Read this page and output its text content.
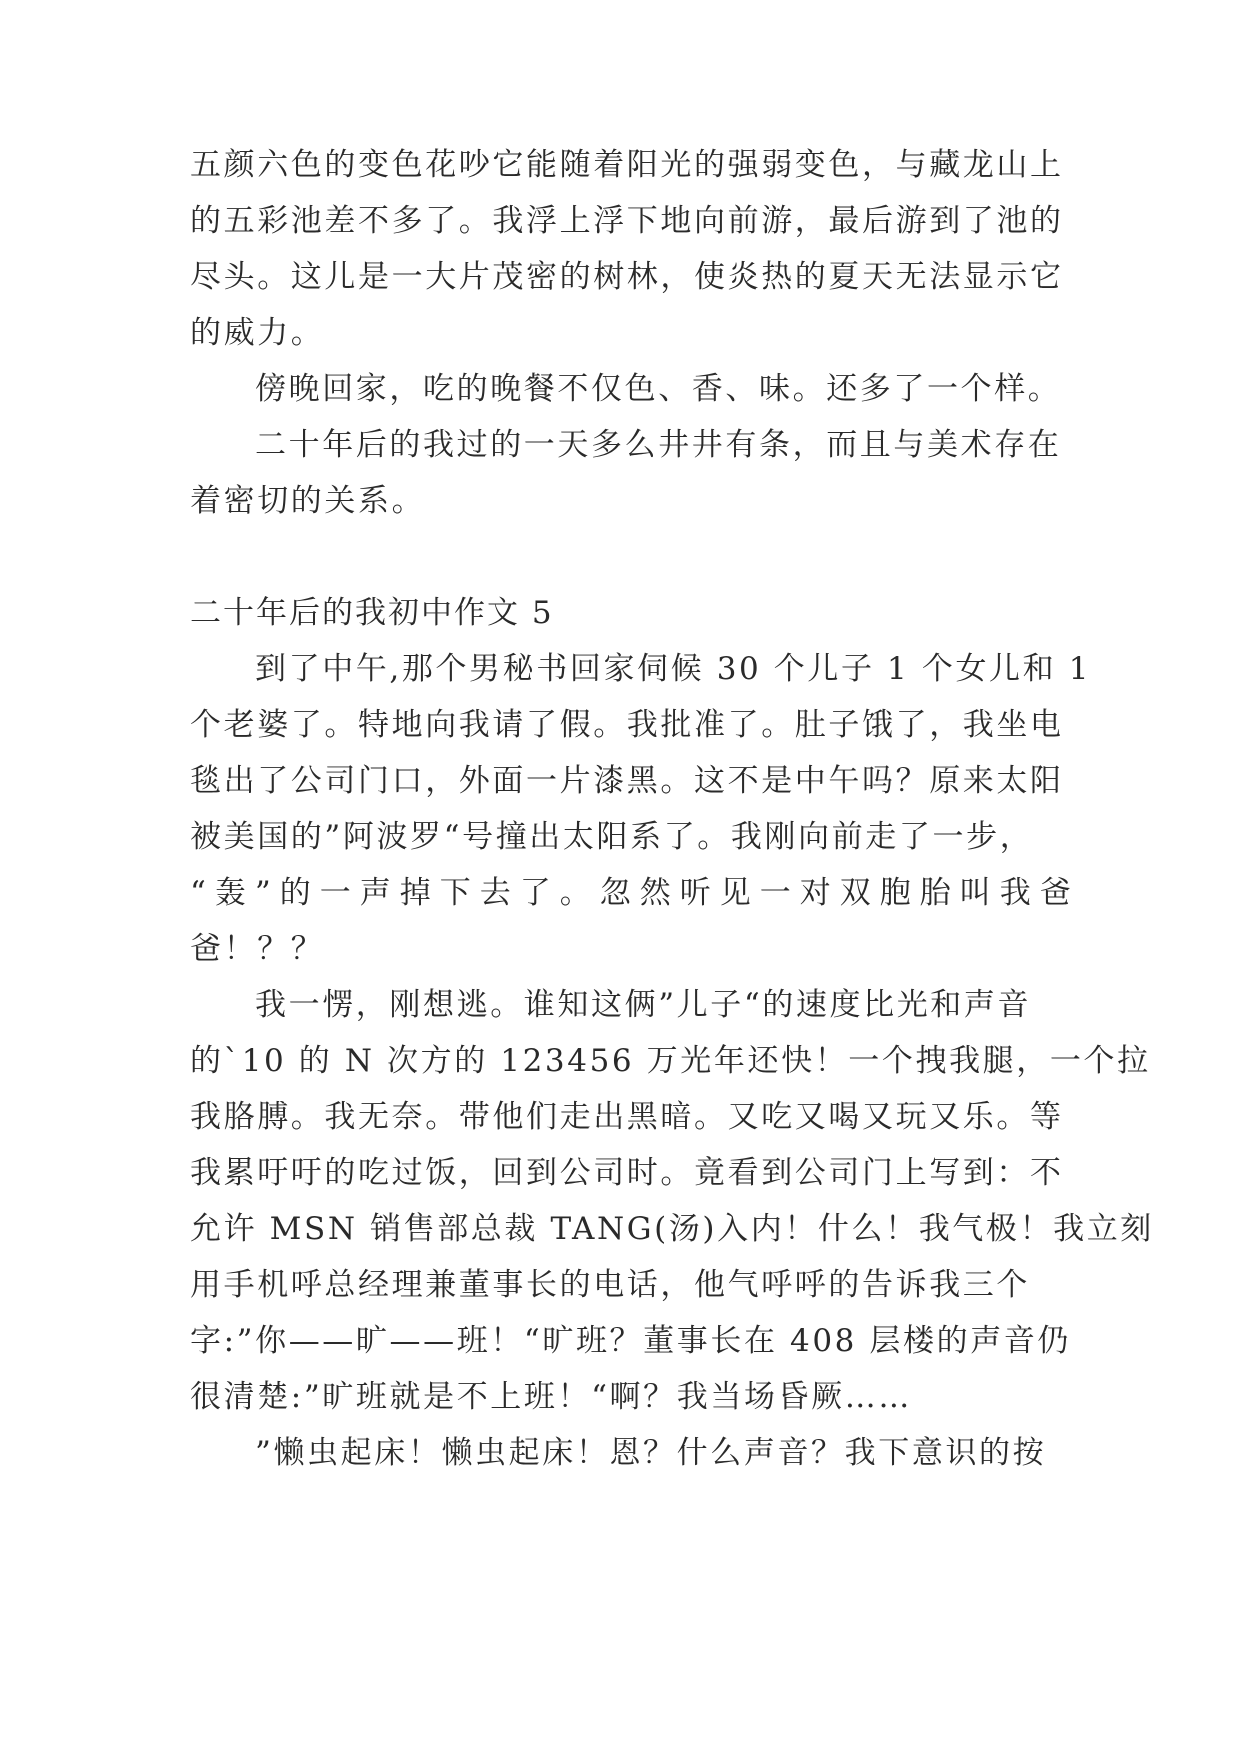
五颜六色的变色花吵它能随着阳光的强弱变色，与藏龙山上
的五彩池差不多了。我浮上浮下地向前游，最后游到了池的
尽头。这儿是一大片茂密的树林，使炎热的夏天无法显示它
的威力。
傍晚回家，吃的晚餐不仅色、香、味。还多了一个样。
二十年后的我过的一天多么井井有条，而且与美术存在
着密切的关系。
二十年后的我初中作文 5
到了中午,那个男秘书回家伺候 30 个儿子 1 个女儿和 1
个老婆了。特地向我请了假。我批准了。肚子饿了，我坐电
毯出了公司门口，外面一片漆黑。这不是中午吗？原来太阳
被美国的”阿波罗“号撞出太阳系了。我刚向前走了一步，
“轰”的一声掉下去了。忽然听见一对双胞胎叫我爸
爸！？？
我一愣，刚想逃。谁知这俩”儿子“的速度比光和声音
的`10 的 N 次方的 123456 万光年还快！一个拽我腿，一个拉
我胳膊。我无奈。带他们走出黑暗。又吃又喝又玩又乐。等
我累吁吁的吃过饭，回到公司时。竟看到公司门上写到：不
允许 MSN 销售部总裁 TANG(汤)入内！什么！我气极！我立刻
用手机呼总经理兼董事长的电话，他气呼呼的告诉我三个
字:”你——旷——班！“旷班？董事长在 408 层楼的声音仍
很清楚:”旷班就是不上班！“啊？我当场昏厥……
”懒虫起床！懒虫起床！恩？什么声音？我下意识的按
